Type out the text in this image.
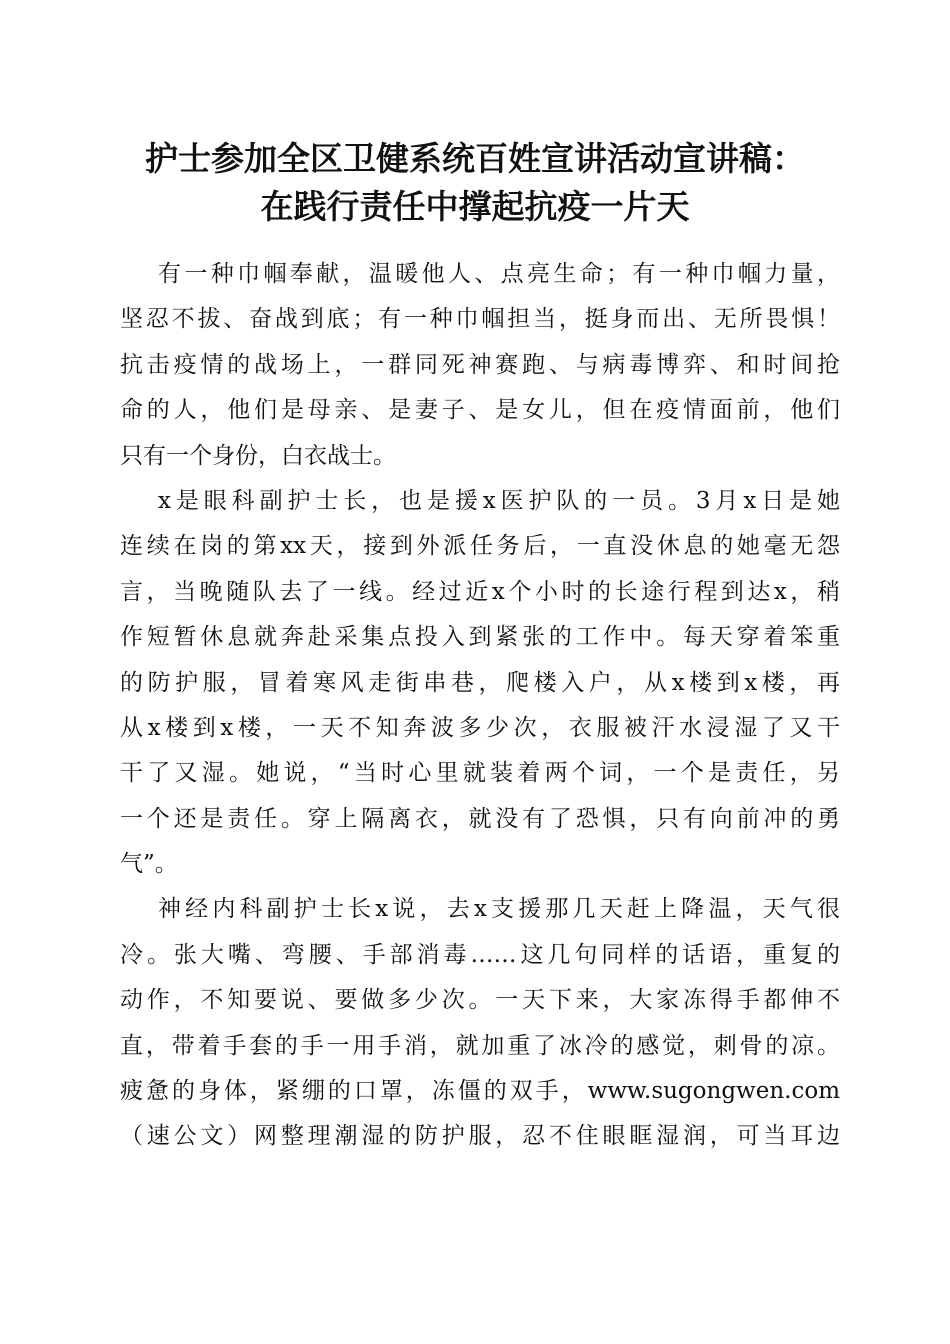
护士参加全区卫健系统百姓宣讲活动宣讲稿：
在践行责任中撑起抗疫一片天
有一种巾帼奉献，温暖他人、点亮生命；有一种巾帼力量，
坚忍不拔、奋战到底；有一种巾帼担当，挺身而出、无所畏惧！
抗击疫情的战场上，一群同死神赛跑、与病毒博弈、和时间抢
命的人，他们是母亲、是妻子、是女儿，但在疫情面前，他们
只有一个身份，白衣战士。
x是眼科副护士长，也是援x医护队的一员。3月x日是她
连续在岗的第xx天，接到外派任务后，一直没休息的她毫无怨
言，当晚随队去了一线。经过近x个小时的长途行程到达x，稍
作短暂休息就奔赴采集点投入到紧张的工作中。每天穿着笨重
的防护服，冒着寒风走街串巷，爬楼入户，从x楼到x楼，再
从x楼到x楼，一天不知奔波多少次，衣服被汗水浸湿了又干
干了又湿。她说，“当时心里就装着两个词，一个是责任，另
一个还是责任。穿上隔离衣，就没有了恐惧，只有向前冲的勇
气”。
神经内科副护士长x说，去x支援那几天赶上降温，天气很
冷。张大嘴、弯腰、手部消毒……这几句同样的话语，重复的
动作，不知要说、要做多少次。一天下来，大家冻得手都伸不
直，带着手套的手一用手消，就加重了冰冷的感觉，刺骨的凉。
疲惫的身体，紧绷的口罩，冻僵的双手，www.sugongwen.com
（速公文）网整理潮湿的防护服，忍不住眼眶湿润，可当耳边
